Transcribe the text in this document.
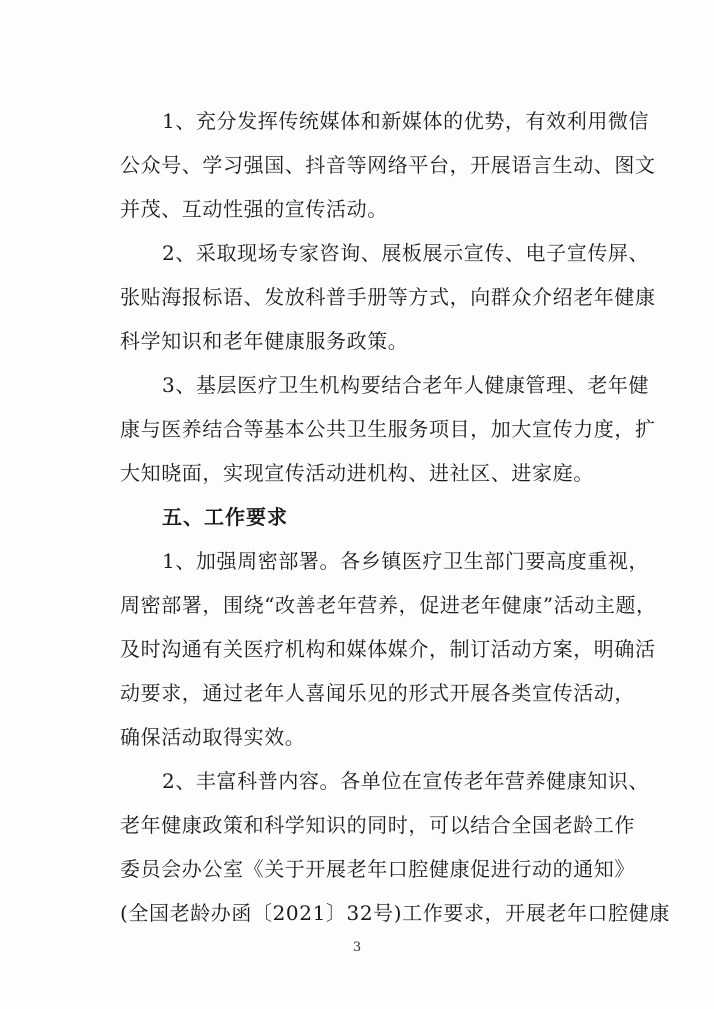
1、充分发挥传统媒体和新媒体的优势，有效利用微信
公众号、学习强国、抖音等网络平台，开展语言生动、图文
并茂、互动性强的宣传活动。
2、采取现场专家咨询、展板展示宣传、电子宣传屏、
张贴海报标语、发放科普手册等方式，向群众介绍老年健康
科学知识和老年健康服务政策。
3、基层医疗卫生机构要结合老年人健康管理、老年健
康与医养结合等基本公共卫生服务项目，加大宣传力度，扩
大知晓面，实现宣传活动进机构、进社区、进家庭。
五、工作要求
1、加强周密部署。各乡镇医疗卫生部门要高度重视，
周密部署，围绕“改善老年营养，促进老年健康”活动主题，
及时沟通有关医疗机构和媒体媒介，制订活动方案，明确活
动要求，通过老年人喜闻乐见的形式开展各类宣传活动，
确保活动取得实效。
2、丰富科普内容。各单位在宣传老年营养健康知识、
老年健康政策和科学知识的同时，可以结合全国老龄工作
委员会办公室《关于开展老年口腔健康促进行动的通知》
(全国老龄办函〔2021〕32号)工作要求，开展老年口腔健康
3
